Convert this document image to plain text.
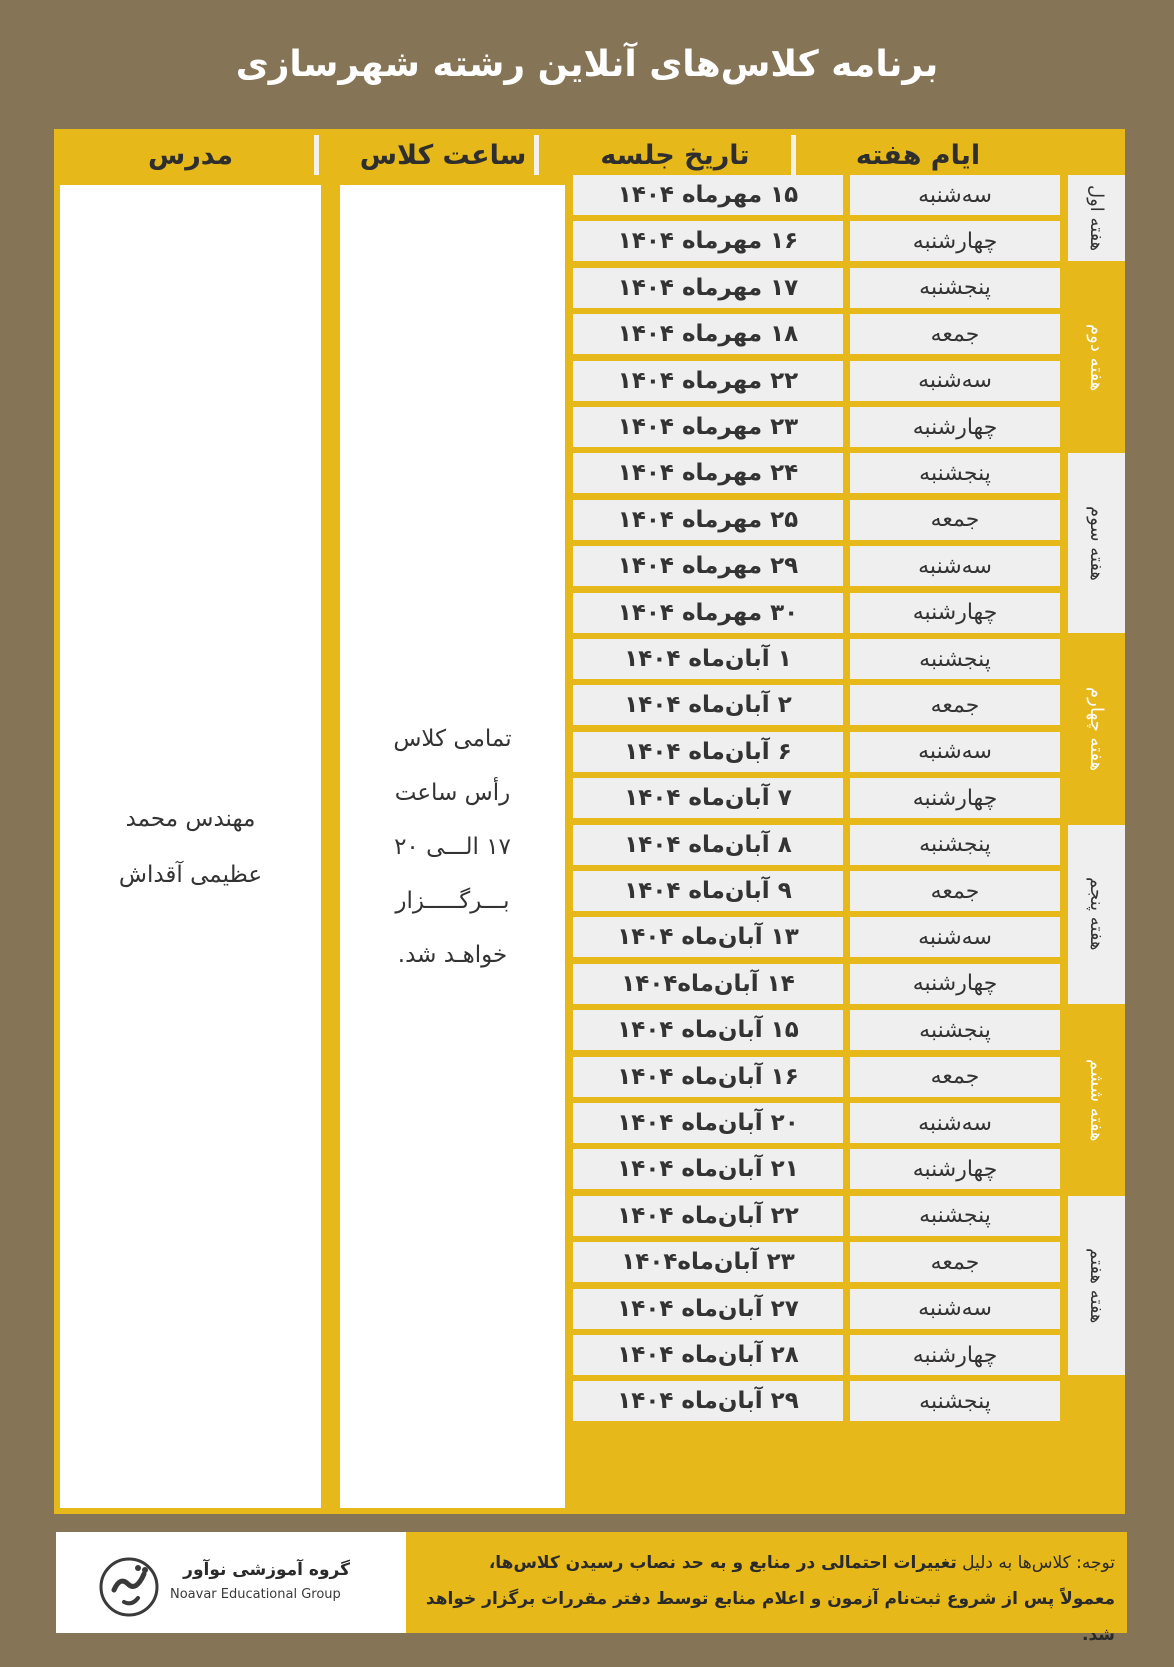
برنامه کلاس‌های آنلاین رشته شهرسازی
مدرس	ساعت کلاس	تاریخ جلسه	ایام هفته
مهندس محمد
عظیمی آقداش
تمامی کلاس
رأس ساعت
۱۷ الـــی ۲۰
بـــرگـــــزار
خواهـد شد.
۱۵ مهرماه ۱۴۰۴	سه‌شنبه
۱۶ مهرماه ۱۴۰۴	چهارشنبه
۱۷ مهرماه ۱۴۰۴	پنجشنبه
۱۸ مهرماه ۱۴۰۴	جمعه
۲۲ مهرماه ۱۴۰۴	سه‌شنبه
۲۳ مهرماه ۱۴۰۴	چهارشنبه
۲۴ مهرماه ۱۴۰۴	پنجشنبه
۲۵ مهرماه ۱۴۰۴	جمعه
۲۹ مهرماه ۱۴۰۴	سه‌شنبه
۳۰ مهرماه ۱۴۰۴	چهارشنبه
۱ آبان‌ماه ۱۴۰۴	پنجشنبه
۲ آبان‌ماه ۱۴۰۴	جمعه
۶ آبان‌ماه ۱۴۰۴	سه‌شنبه
۷ آبان‌ماه ۱۴۰۴	چهارشنبه
۸ آبان‌ماه ۱۴۰۴	پنجشنبه
۹ آبان‌ماه ۱۴۰۴	جمعه
۱۳ آبان‌ماه ۱۴۰۴	سه‌شنبه
۱۴ آبان‌ماه۱۴۰۴	چهارشنبه
۱۵ آبان‌ماه ۱۴۰۴	پنجشنبه
۱۶ آبان‌ماه ۱۴۰۴	جمعه
۲۰ آبان‌ماه ۱۴۰۴	سه‌شنبه
۲۱ آبان‌ماه ۱۴۰۴	چهارشنبه
۲۲ آبان‌ماه ۱۴۰۴	پنجشنبه
۲۳ آبان‌ماه۱۴۰۴	جمعه
۲۷ آبان‌ماه ۱۴۰۴	سه‌شنبه
۲۸ آبان‌ماه ۱۴۰۴	چهارشنبه
۲۹ آبان‌ماه ۱۴۰۴	پنجشنبه
هفته اول
هفته دوم
هفته سوم
هفته چهارم
هفته پنجم
هفته ششم
هفته هفتم
گروه آموزشی نوآور
Noavar Educational Group
توجه: کلاس‌ها به دلیل تغییرات احتمالی در منابع و به حد نصاب رسیدن کلاس‌ها،
معمولاً پس از شروع ثبت‌نام آزمون و اعلام منابع توسط دفتر مقررات برگزار خواهد شد.
